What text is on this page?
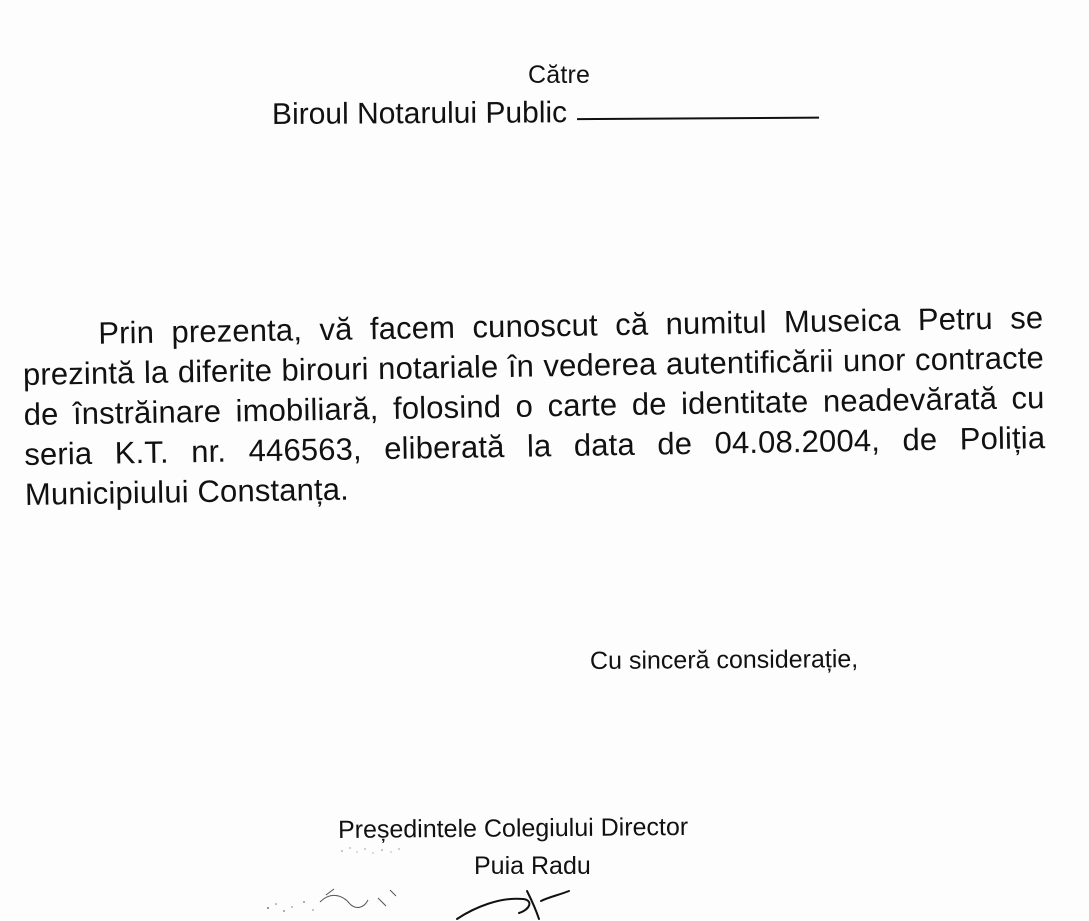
Către
Biroul Notarului Public

Prin prezenta, vă facem cunoscut că numitul Museica Petru se prezintă la diferite birouri notariale în vederea autentificării unor contracte de înstrăinare imobiliară, folosind o carte de identitate neadevărată cu seria K.T. nr. 446563, eliberată la data de 04.08.2004, de Poliția Municipiului Constanța.

Cu sinceră considerație,
Președintele Colegiului Director
Puia Radu
